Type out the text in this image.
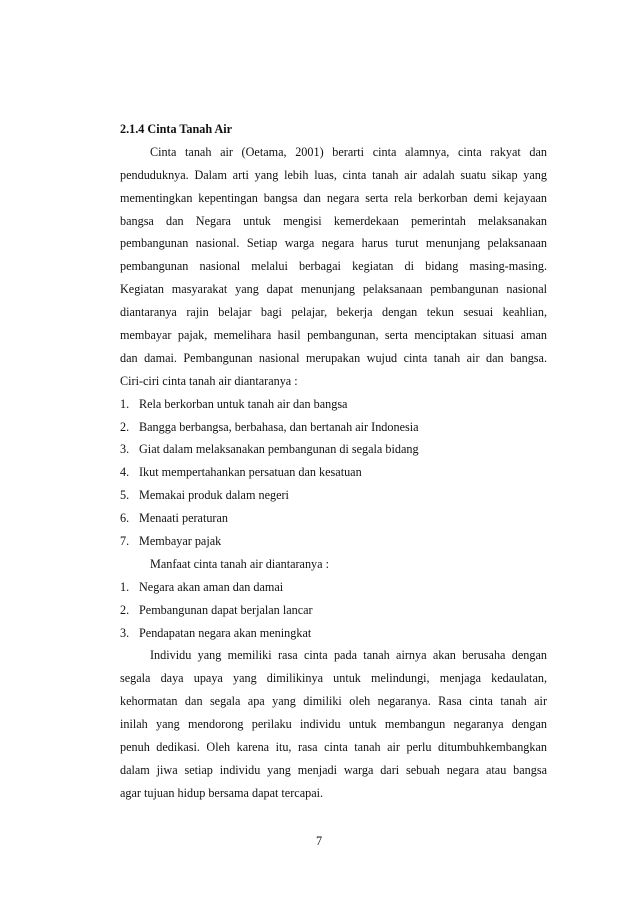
2.1.4 Cinta Tanah Air
Cinta tanah air (Oetama, 2001) berarti cinta alamnya, cinta rakyat dan
penduduknya. Dalam arti yang lebih luas, cinta tanah air adalah suatu sikap yang
mementingkan kepentingan bangsa dan negara serta rela berkorban demi kejayaan
bangsa dan Negara untuk mengisi kemerdekaan pemerintah melaksanakan
pembangunan nasional. Setiap warga negara harus turut menunjang pelaksanaan
pembangunan nasional melalui berbagai kegiatan di bidang masing-masing.
Kegiatan masyarakat yang dapat menunjang pelaksanaan pembangunan nasional
diantaranya rajin belajar bagi pelajar, bekerja dengan tekun sesuai keahlian,
membayar pajak, memelihara hasil pembangunan, serta menciptakan situasi aman
dan damai. Pembangunan nasional merupakan wujud cinta tanah air dan bangsa.
Ciri-ciri cinta tanah air diantaranya :
1. Rela berkorban untuk tanah air dan bangsa
2. Bangga berbangsa, berbahasa, dan bertanah air Indonesia
3. Giat dalam melaksanakan pembangunan di segala bidang
4. Ikut mempertahankan persatuan dan kesatuan
5. Memakai produk dalam negeri
6. Menaati peraturan
7. Membayar pajak
Manfaat cinta tanah air diantaranya :
1. Negara akan aman dan damai
2. Pembangunan dapat berjalan lancar
3. Pendapatan negara akan meningkat
Individu yang memiliki rasa cinta pada tanah airnya akan berusaha dengan
segala daya upaya yang dimilikinya untuk melindungi, menjaga kedaulatan,
kehormatan dan segala apa yang dimiliki oleh negaranya. Rasa cinta tanah air
inilah yang mendorong perilaku individu untuk membangun negaranya dengan
penuh dedikasi. Oleh karena itu, rasa cinta tanah air perlu ditumbuhkembangkan
dalam jiwa setiap individu yang menjadi warga dari sebuah negara atau bangsa
agar tujuan hidup bersama dapat tercapai.
7
